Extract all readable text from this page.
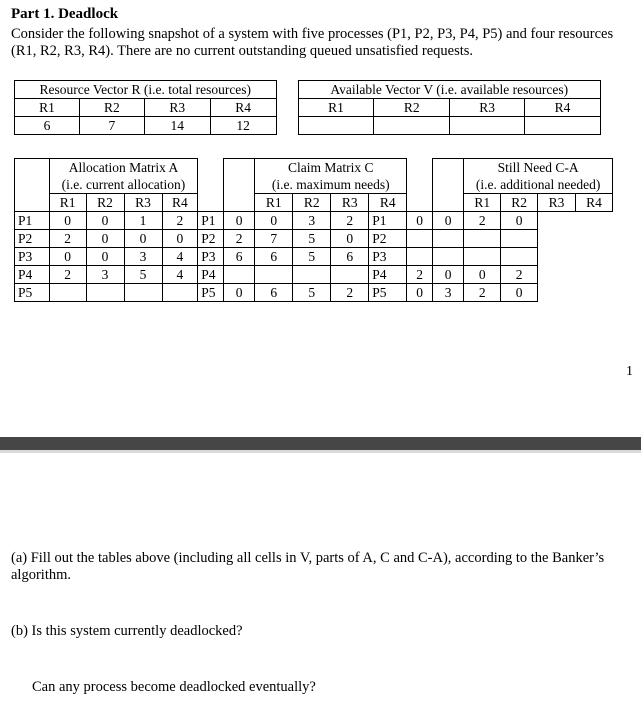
Part 1. Deadlock
Consider the following snapshot of a system with five processes (P1, P2, P3, P4, P5) and four resources (R1, R2, R3, R4). There are no current outstanding queued unsatisfied requests.
Resource Vector R (i.e. total resources)					Available Vector V (i.e. available resources)			
R1	R2	R3	R4		R1	R2	R3	R4
6	7	14	12					
	Allocation Matrix A						Claim Matrix C						Still Need C-A			
	(i.e. current allocation)						(i.e. maximum needs)						(i.e. additional needed)			
	R1	R2	R3	R4			R1	R2	R3	R4			R1	R2	R3	R4
P1	0	0	1	2	P1	0	0	3	2	P1	0	0	2	0		
P2	2	0	0	0	P2	2	7	5	0	P2						
P3	0	0	3	4	P3	6	6	5	6	P3						
P4	2	3	5	4	P4					P4	2	0	0	2		
P5					P5	0	6	5	2	P5	0	3	2	0		
1
(a) Fill out the tables above (including all cells in V, parts of A, C and C-A), according to the Banker’s algorithm.
(b) Is this system currently deadlocked?
Can any process become deadlocked eventually?
